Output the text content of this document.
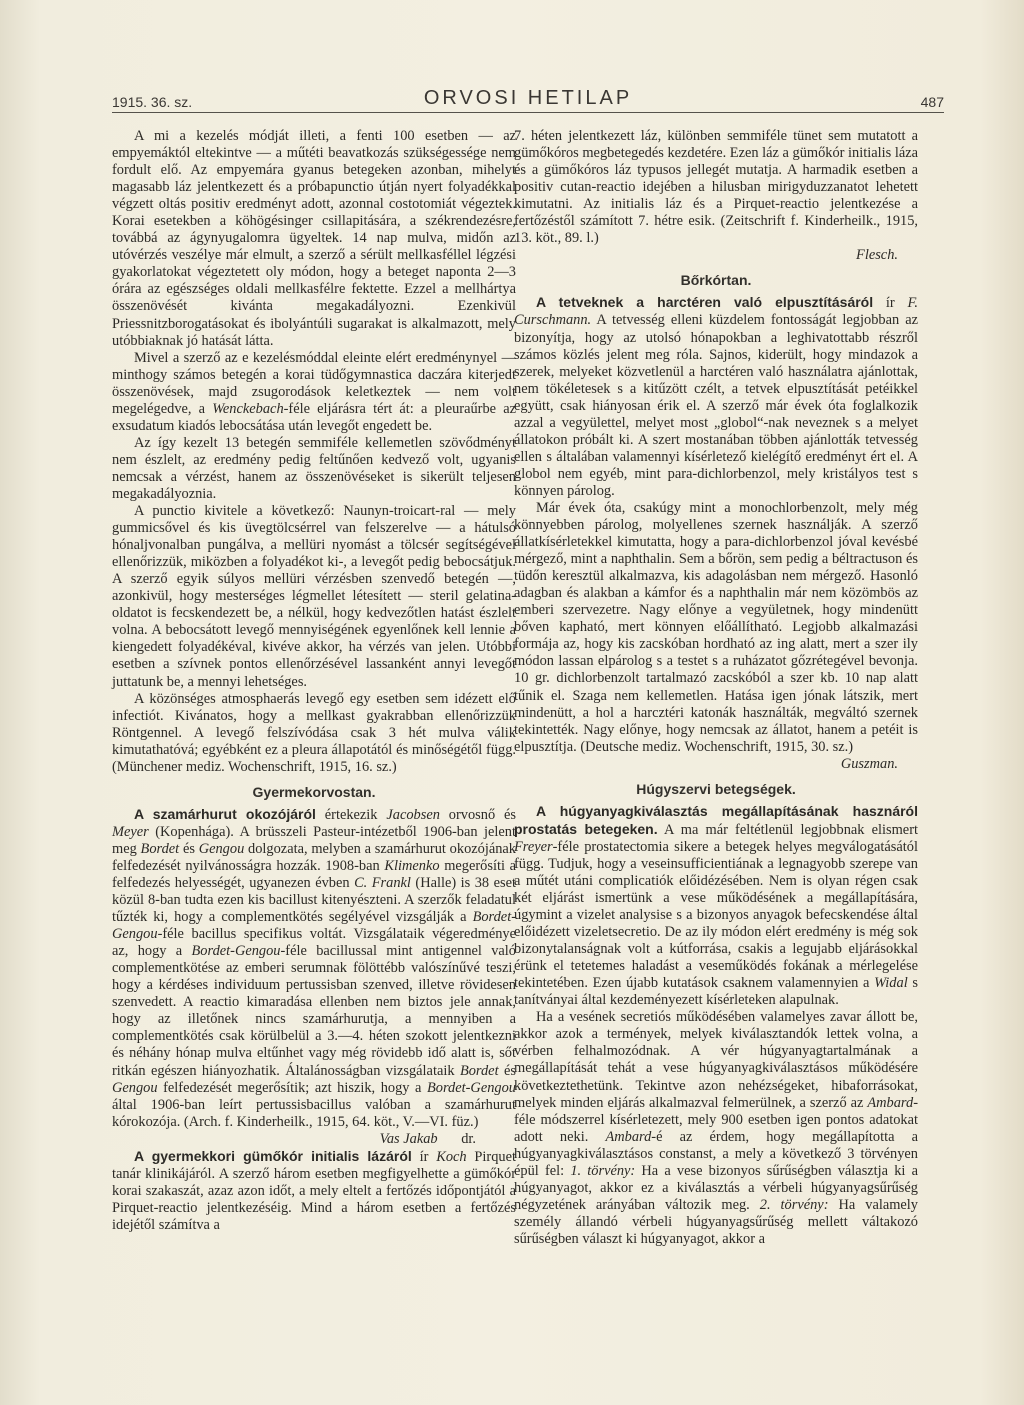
1915. 36. sz.	ORVOSI HETILAP	487

A mi a kezelés módját illeti, a fenti 100 esetben — az empyemáktól eltekintve — a műtéti beavatkozás szükségessége nem fordult elő. Az empyemára gyanus betegeken azonban, mihelyt magasabb láz jelentkezett és a próbapunctio útján nyert folyadékkal végzett oltás positiv eredményt adott, azonnal costotomiát végeztek. Korai esetekben a köhögésinger csillapitására, a székrendezésre, továbbá az ágynyugalomra ügyeltek. 14 nap mulva, midőn az utóvérzés veszélye már elmult, a szerző a sérült mellkasféllel légzési gyakorlatokat végeztetett oly módon, hogy a beteget naponta 2—3 órára az egészséges oldali mellkasfélre fektette. Ezzel a mellhártya összenövését kivánta megakadályozni. Ezenkivül Priessnitzborogatásokat és ibolyántúli sugarakat is alkalmazott, mely utóbbiaknak jó hatását látta.

Mivel a szerző az e kezelésmóddal eleinte elért eredménynyel — minthogy számos betegén a korai tüdőgymnastica daczára kiterjedt összenövések, majd zsugorodások keletkeztek — nem volt megelégedve, a Wenckebach-féle eljárásra tért át: a pleuraűrbe az exsudatum kiadós lebocsátása után levegőt engedett be.

Az így kezelt 13 betegén semmiféle kellemetlen szövődményt nem észlelt, az eredmény pedig feltűnően kedvező volt, ugyanis nemcsak a vérzést, hanem az összenövéseket is sikerült teljesen megakadályoznia.

A punctio kivitele a következő: Naunyn-troicart-ral — mely gummicsővel és kis üvegtölcsérrel van felszerelve — a hátulsó hónaljvonalban pungálva, a mellüri nyomást a tölcsér segítségével ellenőrizzük, miközben a folyadékot ki-, a levegőt pedig bebocsátjuk. A szerző egyik súlyos mellüri vérzésben szenvedő betegén —, azonkivül, hogy mesterséges légmellet létesített — steril gelatina-oldatot is fecskendezett be, a nélkül, hogy kedvezőtlen hatást észlelt volna. A bebocsátott levegő mennyiségének egyenlőnek kell lennie a kiengedett folyadékéval, kivéve akkor, ha vérzés van jelen. Utóbbi esetben a szívnek pontos ellenőrzésével lassanként annyi levegőt juttatunk be, a mennyi lehetséges.

A közönséges atmosphaerás levegő egy esetben sem idézett elő infectiót. Kivánatos, hogy a mellkast gyakrabban ellenőrizzük Röntgennel. A levegő felszívódása csak 3 hét mulva válik kimutathatóvá; egyébként ez a pleura állapotától és minőségétől függ. (Münchener mediz. Wochenschrift, 1915, 16. sz.)

Gyermekorvostan.

A szamárhurut okozójáról értekezik Jacobsen orvosnő és Meyer (Kopenhága). A brüsszeli Pasteur-intézetből 1906-ban jelent meg Bordet és Gengou dolgozata, melyben a szamárhurut okozójának felfedezését nyilvánosságra hozzák. 1908-ban Klimenko megerősíti a felfedezés helyességét, ugyanezen évben C. Frankl (Halle) is 38 eset közül 8-ban tudta ezen kis bacillust kitenyészteni. A szerzők feladatul tűzték ki, hogy a complementkötés segélyével vizsgálják a Bordet-Gengou-féle bacillus specifikus voltát. Vizsgálataik végeredménye az, hogy a Bordet-Gengou-féle bacillussal mint antigennel való complementkötése az emberi serumnak fölöttébb valószínűvé teszi, hogy a kérdéses individuum pertussisban szenved, illetve rövidesen szenvedett. A reactio kimaradása ellenben nem biztos jele annak, hogy az illetőnek nincs szamárhurutja, a mennyiben a complementkötés csak körülbelül a 3.—4. héten szokott jelentkezni és néhány hónap mulva eltűnhet vagy még rövidebb idő alatt is, sőt ritkán egészen hiányozhatik. Általánosságban vizsgálataik Bordet és Gengou felfedezését megerősítik; azt hiszik, hogy a Bordet-Gengou által 1906-ban leírt pertussisbacillus valóban a szamárhurut kórokozója. (Arch. f. Kinderheilk., 1915, 64. köt., V.—VI. füz.)

Vas Jakab dr.

A gyermekkori gümőkór initialis lázáról ír Koch Pirquet tanár klinikájáról. A szerző három esetben megfigyelhette a gümőkór korai szakaszát, azaz azon időt, a mely eltelt a fertőzés időpontjától a Pirquet-reactio jelentkezéséig. Mind a három esetben a fertőzés idejétől számítva a

7. héten jelentkezett láz, különben semmiféle tünet sem mutatott a gümőkóros megbetegedés kezdetére. Ezen láz a gümőkór initialis láza és a gümőkóros láz typusos jellegét mutatja. A harmadik esetben a positiv cutan-reactio idejében a hilusban mirigyduzzanatot lehetett kimutatni. Az initialis láz és a Pirquet-reactio jelentkezése a fertőzéstől számított 7. hétre esik. (Zeitschrift f. Kinderheilk., 1915, 13. köt., 89. l.)

Flesch.

Bőrkórtan.

A tetveknek a harctéren való elpusztításáról ír F. Curschmann. A tetvesség elleni küzdelem fontosságát legjobban az bizonyítja, hogy az utolsó hónapokban a leghivatottabb részről számos közlés jelent meg róla. Sajnos, kiderült, hogy mindazok a szerek, melyeket közvetlenül a harctéren való használatra ajánlottak, nem tökéletesek s a kitűzött czélt, a tetvek elpusztítását petéikkel együtt, csak hiányosan érik el. A szerző már évek óta foglalkozik azzal a vegyülettel, melyet most „globol“-nak neveznek s a melyet állatokon próbált ki. A szert mostanában többen ajánlották tetvesség ellen s általában valamennyi kísérletező kielégítő eredményt ért el. A globol nem egyéb, mint para-dichlorbenzol, mely kristályos test s könnyen párolog.

Már évek óta, csakúgy mint a monochlorbenzolt, mely még könnyebben párolog, molyellenes szernek használják. A szerző állatkísérletekkel kimutatta, hogy a para-dichlorbenzol jóval kevésbé mérgező, mint a naphthalin. Sem a bőrön, sem pedig a béltractuson és tüdőn keresztül alkalmazva, kis adagolásban nem mérgező. Hasonló adagban és alakban a kámfor és a naphthalin már nem közömbös az emberi szervezetre. Nagy előnye a vegyületnek, hogy mindenütt bőven kapható, mert könnyen előállítható. Legjobb alkalmazási formája az, hogy kis zacskóban hordható az ing alatt, mert a szer ily módon lassan elpárolog s a testet s a ruházatot gőzrétegével bevonja. 10 gr. dichlorbenzolt tartalmazó zacskóból a szer kb. 10 nap alatt tűnik el. Szaga nem kellemetlen. Hatása igen jónak látszik, mert mindenütt, a hol a harcztéri katonák használták, megváltó szernek tekintették. Nagy előnye, hogy nemcsak az állatot, hanem a petéit is elpusztítja. (Deutsche mediz. Wochenschrift, 1915, 30. sz.)

Guszman.

Húgyszervi betegségek.

A húgyanyagkiválasztás megállapításának hasznáról prostatás betegeken. A ma már feltétlenül legjobbnak elismert Freyer-féle prostatectomia sikere a betegek helyes megválogatásától függ. Tudjuk, hogy a veseinsufficientiának a legnagyobb szerepe van a műtét utáni complicatiók előidézésében. Nem is olyan régen csak két eljárást ismertünk a vese működésének a megállapítására, úgymint a vizelet analysise s a bizonyos anyagok befecskendése által előidézett vizeletsecretio. De az ily módon elért eredmény is még sok bizonytalanságnak volt a kútforrása, csakis a legujabb eljárásokkal érünk el tetetemes haladást a veseműködés fokának a mérlegelése tekintetében. Ezen újabb kutatások csaknem valamennyien a Widal s tanítványai által kezdeményezett kísérleteken alapulnak.

Ha a vesének secretiós működésében valamelyes zavar állott be, akkor azok a termények, melyek kiválasztandók lettek volna, a vérben felhalmozódnak. A vér húgyanyagtartalmának a megállapítását tehát a vese húgyanyagkiválasztásos működésére következtethetünk. Tekintve azon nehézségeket, hibaforrásokat, melyek minden eljárás alkalmazval felmerülnek, a szerző az Ambard-féle módszerrel kísérletezett, mely 900 esetben igen pontos adatokat adott neki. Ambard-é az érdem, hogy megállapította a húgyanyagkiválasztásos constanst, a mely a következő 3 törvényen épül fel: 1. törvény: Ha a vese bizonyos sűrűségben választja ki a húgyanyagot, akkor ez a kiválasztás a vérbeli húgyanyagsűrűség négyzetének arányában változik meg. 2. törvény: Ha valamely személy állandó vérbeli húgyanyagsűrűség mellett váltakozó sűrűségben választ ki húgyanyagot, akkor a
